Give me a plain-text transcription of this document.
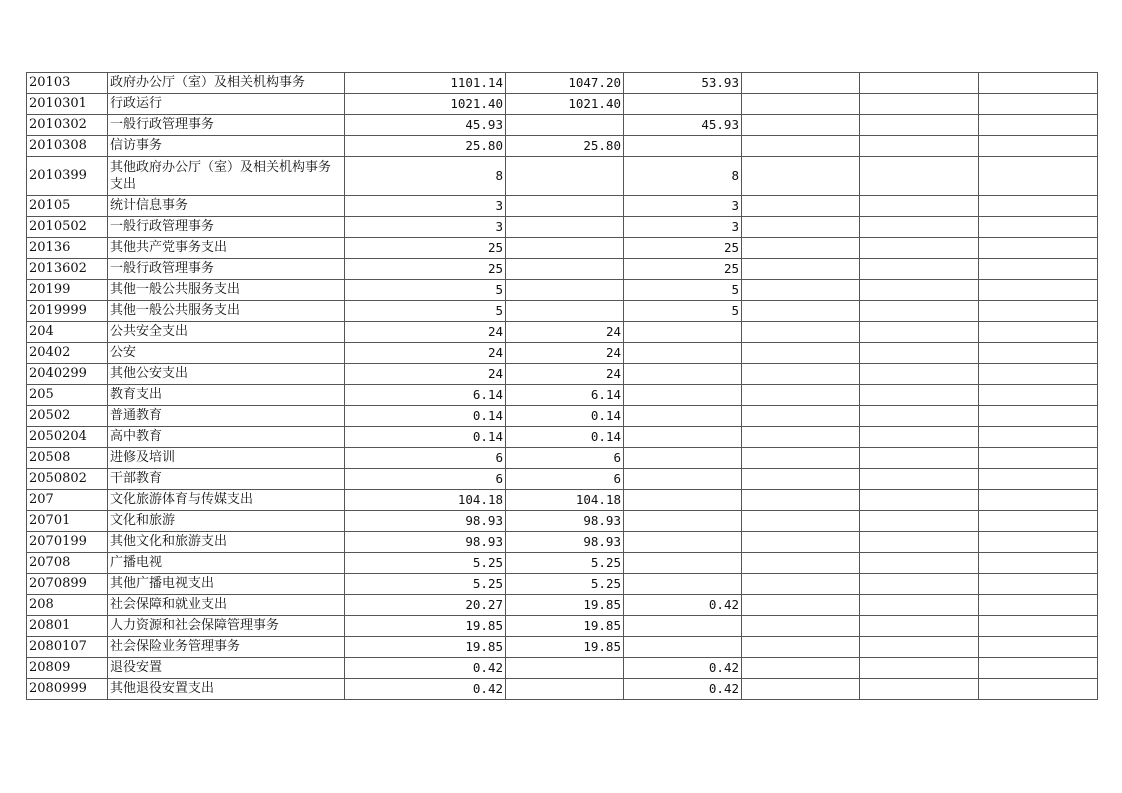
20103	政府办公厅（室）及相关机构事务	1101.14	1047.20	53.93			
2010301	行政运行	1021.40	1021.40				
2010302	一般行政管理事务	45.93		45.93			
2010308	信访事务	25.80	25.80				
2010399	其他政府办公厅（室）及相关机构事务支出	8		8			
20105	统计信息事务	3		3			
2010502	一般行政管理事务	3		3			
20136	其他共产党事务支出	25		25			
2013602	一般行政管理事务	25		25			
20199	其他一般公共服务支出	5		5			
2019999	其他一般公共服务支出	5		5			
204	公共安全支出	24	24				
20402	公安	24	24				
2040299	其他公安支出	24	24				
205	教育支出	6.14	6.14				
20502	普通教育	0.14	0.14				
2050204	高中教育	0.14	0.14				
20508	进修及培训	6	6				
2050802	干部教育	6	6				
207	文化旅游体育与传媒支出	104.18	104.18				
20701	文化和旅游	98.93	98.93				
2070199	其他文化和旅游支出	98.93	98.93				
20708	广播电视	5.25	5.25				
2070899	其他广播电视支出	5.25	5.25				
208	社会保障和就业支出	20.27	19.85	0.42			
20801	人力资源和社会保障管理事务	19.85	19.85				
2080107	社会保险业务管理事务	19.85	19.85				
20809	退役安置	0.42		0.42			
2080999	其他退役安置支出	0.42		0.42			
